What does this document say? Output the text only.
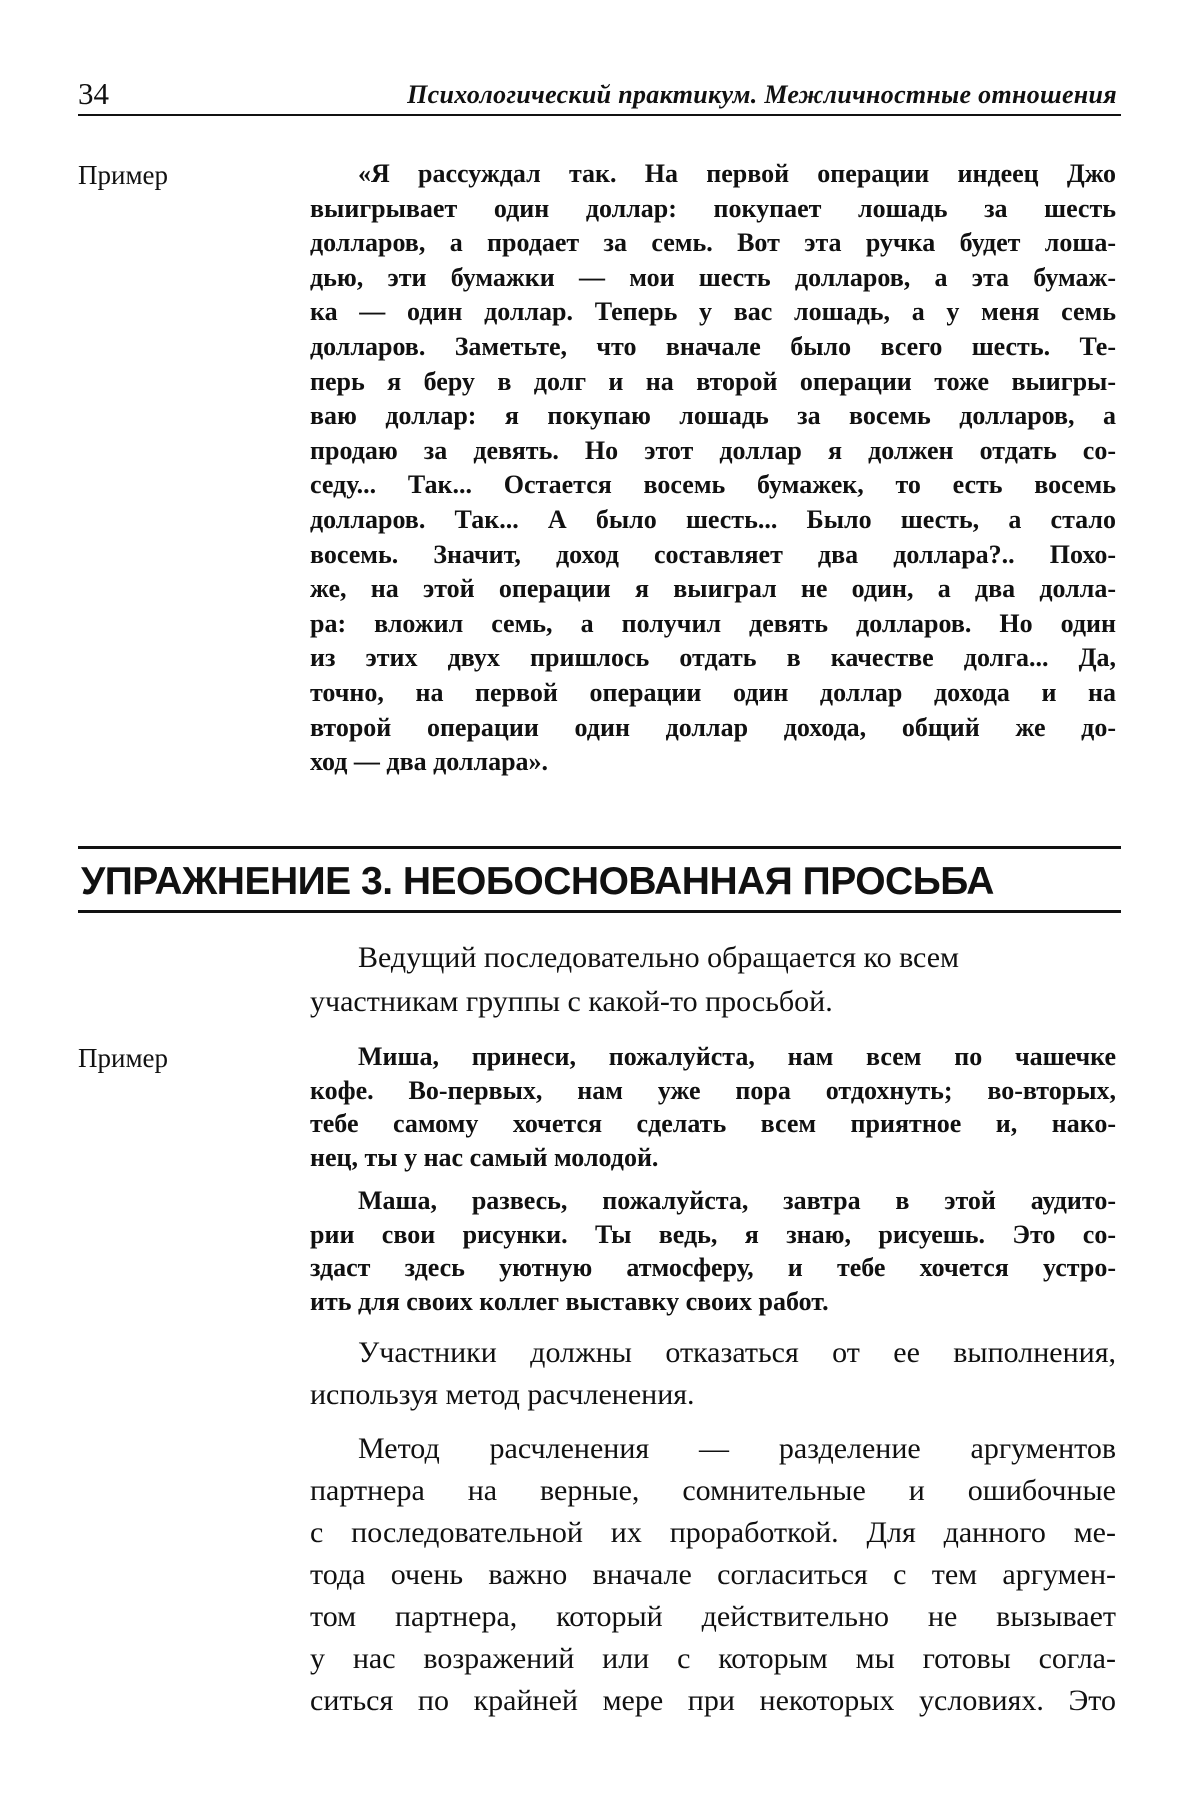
34	Психологический практикум. Межличностные отношения
Пример	«Я рассуждал так. На первой операции индеец Джо
выигрывает один доллар: покупает лошадь за шесть
долларов, а продает за семь. Вот эта ручка будет лоша-
дью, эти бумажки — мои шесть долларов, а эта бумаж-
ка — один доллар. Теперь у вас лошадь, а у меня семь
долларов. Заметьте, что вначале было всего шесть. Те-
перь я беру в долг и на второй операции тоже выигры-
ваю доллар: я покупаю лошадь за восемь долларов, а
продаю за девять. Но этот доллар я должен отдать со-
седу... Так... Остается восемь бумажек, то есть восемь
долларов. Так... А было шесть... Было шесть, а стало
восемь. Значит, доход составляет два доллара?.. Похо-
же, на этой операции я выиграл не один, а два долла-
ра: вложил семь, а получил девять долларов. Но один
из этих двух пришлось отдать в качестве долга... Да,
точно, на первой операции один доллар дохода и на
второй операции один доллар дохода, общий же до-
ход — два доллара».
УПРАЖНЕНИЕ 3. НЕОБОСНОВАННАЯ ПРОСЬБА
Ведущий последовательно обращается ко всем
участникам группы с какой-то просьбой.
Пример	Миша, принеси, пожалуйста, нам всем по чашечке
кофе. Во-первых, нам уже пора отдохнуть; во-вторых,
тебе самому хочется сделать всем приятное и, нако-
нец, ты у нас самый молодой.
Маша, развесь, пожалуйста, завтра в этой аудито-
рии свои рисунки. Ты ведь, я знаю, рисуешь. Это со-
здаст здесь уютную атмосферу, и тебе хочется устро-
ить для своих коллег выставку своих работ.
Участники должны отказаться от ее выполнения,
используя метод расчленения.
Метод расчленения — разделение аргументов
партнера на верные, сомнительные и ошибочные
с последовательной их проработкой. Для данного ме-
тода очень важно вначале согласиться с тем аргумен-
том партнера, который действительно не вызывает
у нас возражений или с которым мы готовы согла-
ситься по крайней мере при некоторых условиях. Это
